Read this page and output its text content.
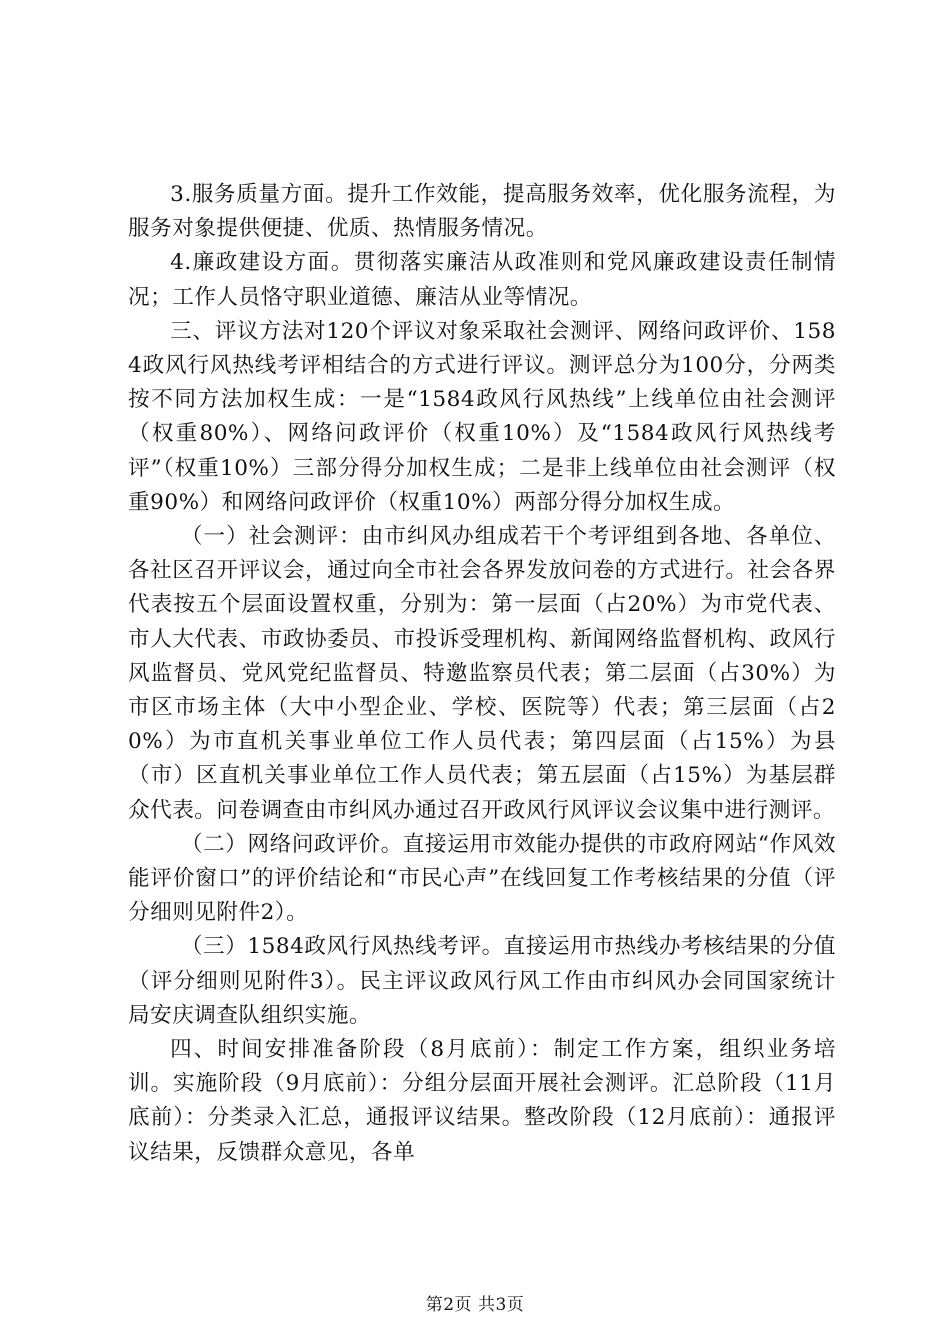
3.服务质量方面。提升工作效能，提高服务效率，优化服务流程，为服务对象提供便捷、优质、热情服务情况。

4.廉政建设方面。贯彻落实廉洁从政准则和党风廉政建设责任制情况；工作人员恪守职业道德、廉洁从业等情况。

三、评议方法对120个评议对象采取社会测评、网络问政评价、1584政风行风热线考评相结合的方式进行评议。测评总分为100分，分两类按不同方法加权生成：一是“1584政风行风热线”上线单位由社会测评（权重80%）、网络问政评价（权重10%）及“1584政风行风热线考评”（权重10%）三部分得分加权生成；二是非上线单位由社会测评（权重90%）和网络问政评价（权重10%）两部分得分加权生成。

（一）社会测评：由市纠风办组成若干个考评组到各地、各单位、各社区召开评议会，通过向全市社会各界发放问卷的方式进行。社会各界代表按五个层面设置权重，分别为：第一层面（占20%）为市党代表、市人大代表、市政协委员、市投诉受理机构、新闻网络监督机构、政风行风监督员、党风党纪监督员、特邀监察员代表；第二层面（占30%）为市区市场主体（大中小型企业、学校、医院等）代表；第三层面（占20%）为市直机关事业单位工作人员代表；第四层面（占15%）为县（市）区直机关事业单位工作人员代表；第五层面（占15%）为基层群众代表。问卷调查由市纠风办通过召开政风行风评议会议集中进行测评。

（二）网络问政评价。直接运用市效能办提供的市政府网站“作风效能评价窗口”的评价结论和“市民心声”在线回复工作考核结果的分值（评分细则见附件2）。

（三）1584政风行风热线考评。直接运用市热线办考核结果的分值（评分细则见附件3）。民主评议政风行风工作由市纠风办会同国家统计局安庆调查队组织实施。

四、时间安排准备阶段（8月底前）：制定工作方案，组织业务培训。实施阶段（9月底前）：分组分层面开展社会测评。汇总阶段（11月底前）：分类录入汇总，通报评议结果。整改阶段（12月底前）：通报评议结果，反馈群众意见，各单

第2页 共3页
